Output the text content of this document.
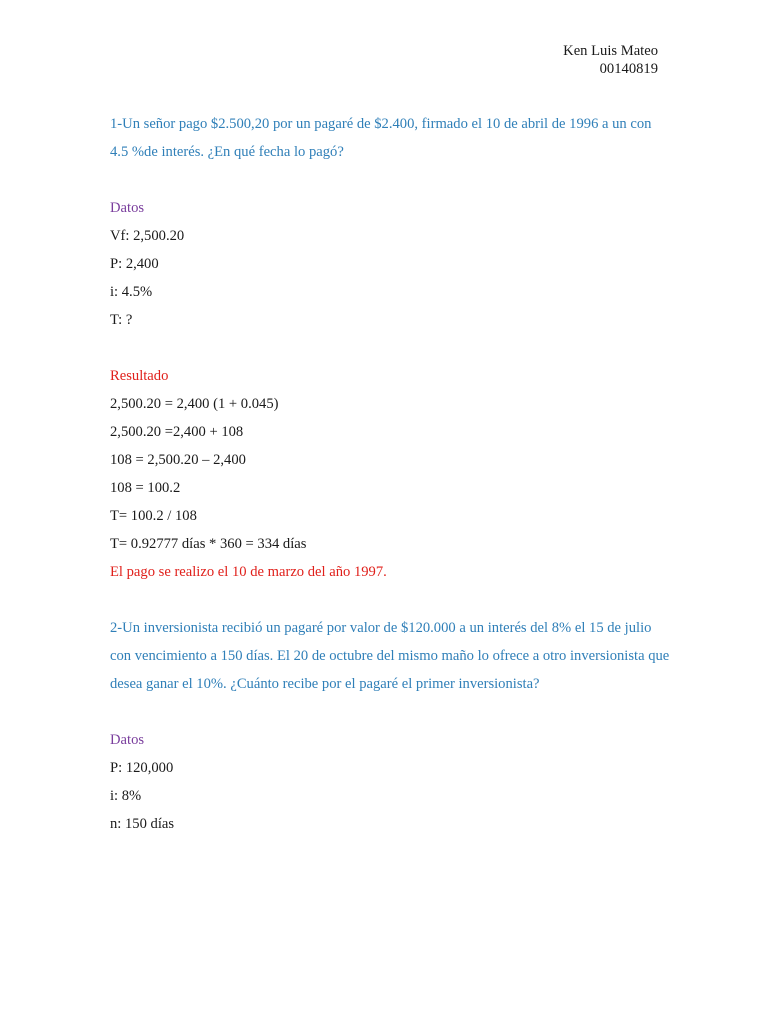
Ken Luis Mateo
00140819
1-Un señor pago $2.500,20 por un pagaré de $2.400, firmado el 10 de abril de 1996 a un con 4.5 %de interés. ¿En qué fecha lo pagó?
Datos
Vf: 2,500.20
P: 2,400
i: 4.5%
T: ?
Resultado
2,500.20 = 2,400 (1 + 0.045)
2,500.20 =2,400 + 108
108 = 2,500.20 – 2,400
108 = 100.2
T= 100.2 / 108
T= 0.92777 días * 360 = 334 días
El pago se realizo el 10 de marzo del año 1997.
2-Un inversionista recibió un pagaré por valor de $120.000 a un interés del 8% el 15 de julio con vencimiento a 150 días. El 20 de octubre del mismo maño lo ofrece a otro inversionista que desea ganar el 10%. ¿Cuánto recibe por el pagaré el primer inversionista?
Datos
P: 120,000
i: 8%
n: 150 días
